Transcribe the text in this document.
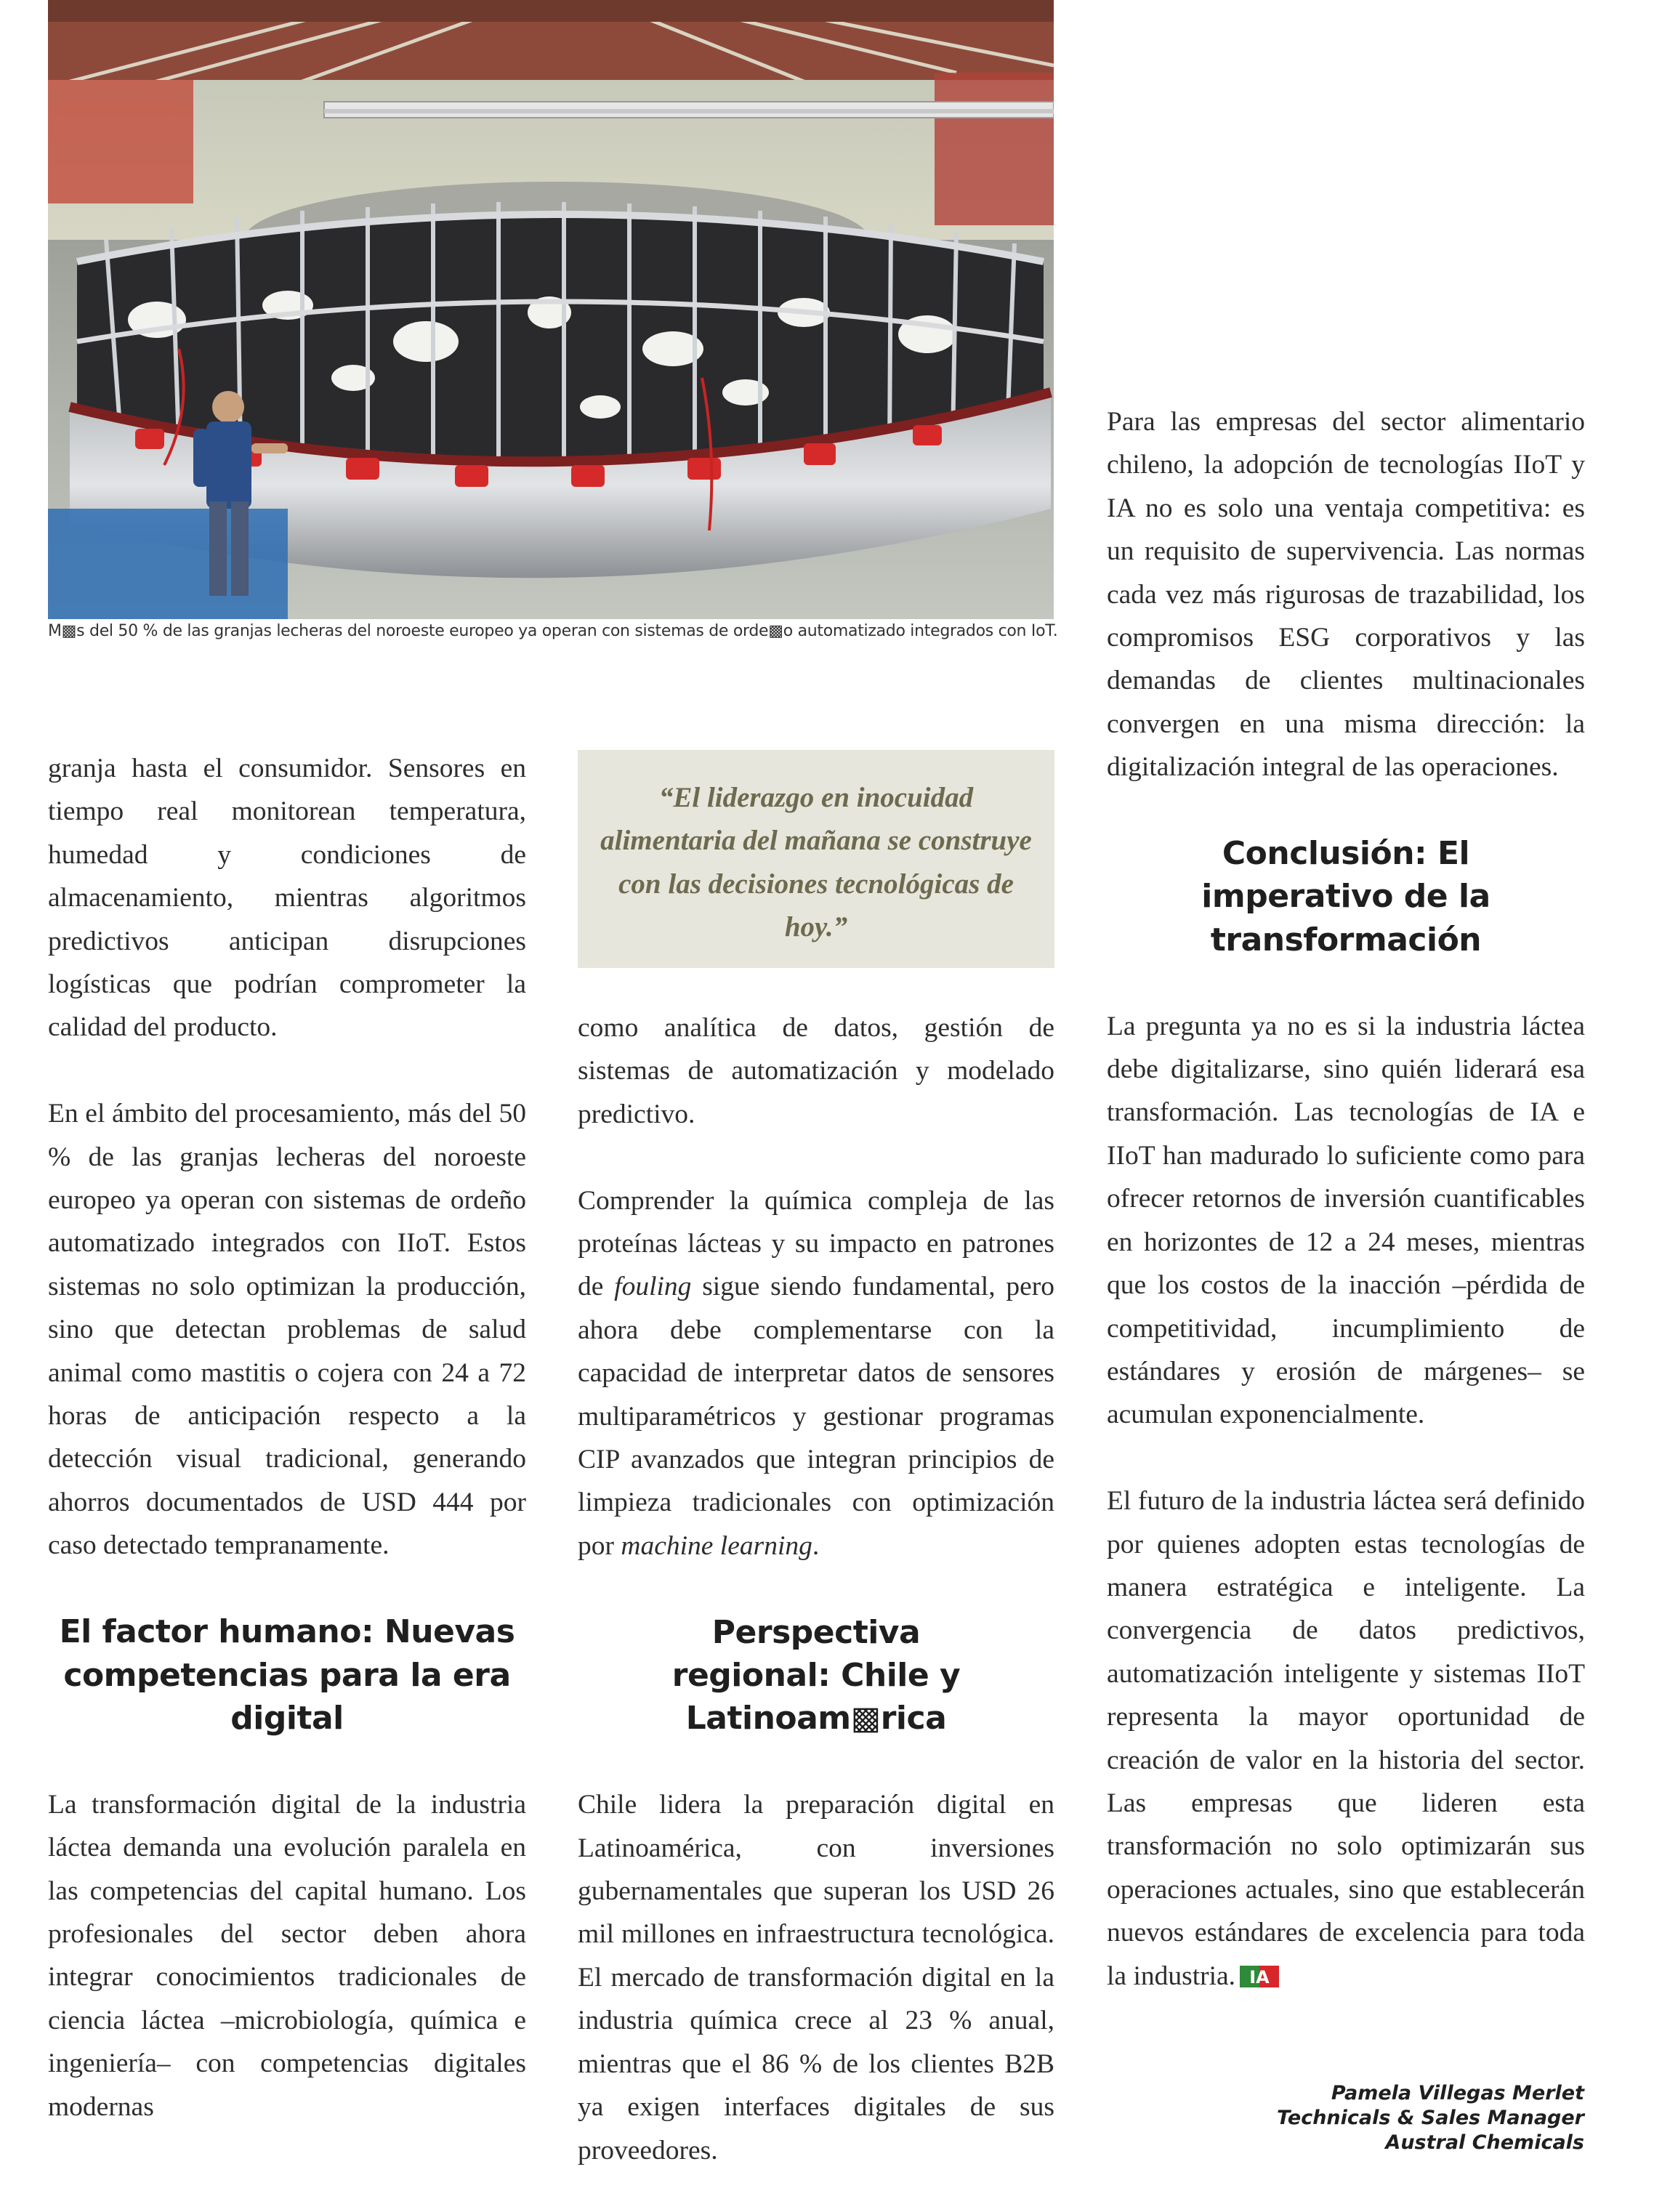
M▩s del 50 % de las granjas lecheras del noroeste europeo ya operan con sistemas de orde▩o automatizado integrados con IoT.

granja hasta el consumidor. Sensores en tiempo real monitorean temperatura, humedad y condiciones de almacenamiento, mientras algoritmos predictivos anticipan disrupciones logísticas que podrían comprometer la calidad del producto.

En el ámbito del procesamiento, más del 50 % de las granjas lecheras del noroeste europeo ya operan con sistemas de ordeño automatizado integrados con IIoT. Estos sistemas no solo optimizan la producción, sino que detectan problemas de salud animal como mastitis o cojera con 24 a 72 horas de anticipación respecto a la detección visual tradicional, generando ahorros documentados de USD 444 por caso detectado tempranamente.

El factor humano: Nuevas competencias para la era digital

La transformación digital de la industria láctea demanda una evolución paralela en las competencias del capital humano. Los profesionales del sector deben ahora integrar conocimientos tradicionales de ciencia láctea –microbiología, química e ingeniería– con competencias digitales modernas

“El liderazgo en inocuidad alimentaria del mañana se construye con las decisiones tecnológicas de hoy.”

como analítica de datos, gestión de sistemas de automatización y modelado predictivo.

Comprender la química compleja de las proteínas lácteas y su impacto en patrones de fouling sigue siendo fundamental, pero ahora debe complementarse con la capacidad de interpretar datos de sensores multiparamétricos y gestionar programas CIP avanzados que integran principios de limpieza tradicionales con optimización por machine learning.

Perspectiva regional: Chile y Latinoam▩rica

Chile lidera la preparación digital en Latinoamérica, con inversiones gubernamentales que superan los USD 26 mil millones en infraestructura tecnológica. El mercado de transformación digital en la industria química crece al 23 % anual, mientras que el 86 % de los clientes B2B ya exigen interfaces digitales de sus proveedores.

Para las empresas del sector alimentario chileno, la adopción de tecnologías IIoT y IA no es solo una ventaja competitiva: es un requisito de supervivencia. Las normas cada vez más rigurosas de trazabilidad, los compromisos ESG corporativos y las demandas de clientes multinacionales convergen en una misma dirección: la digitalización integral de las operaciones.

Conclusión: El imperativo de la transformación

La pregunta ya no es si la industria láctea debe digitalizarse, sino quién liderará esa transformación. Las tecnologías de IA e IIoT han madurado lo suficiente como para ofrecer retornos de inversión cuantificables en horizontes de 12 a 24 meses, mientras que los costos de la inacción –pérdida de competitividad, incumplimiento de estándares y erosión de márgenes– se acumulan exponencialmente.

El futuro de la industria láctea será definido por quienes adopten estas tecnologías de manera estratégica e inteligente. La convergencia de datos predictivos, automatización inteligente y sistemas IIoT representa la mayor oportunidad de creación de valor en la historia del sector. Las empresas que lideren esta transformación no solo optimizarán sus operaciones actuales, sino que establecerán nuevos estándares de excelencia para toda la industria. IA

Pamela Villegas Merlet
Technicals & Sales Manager
Austral Chemicals
